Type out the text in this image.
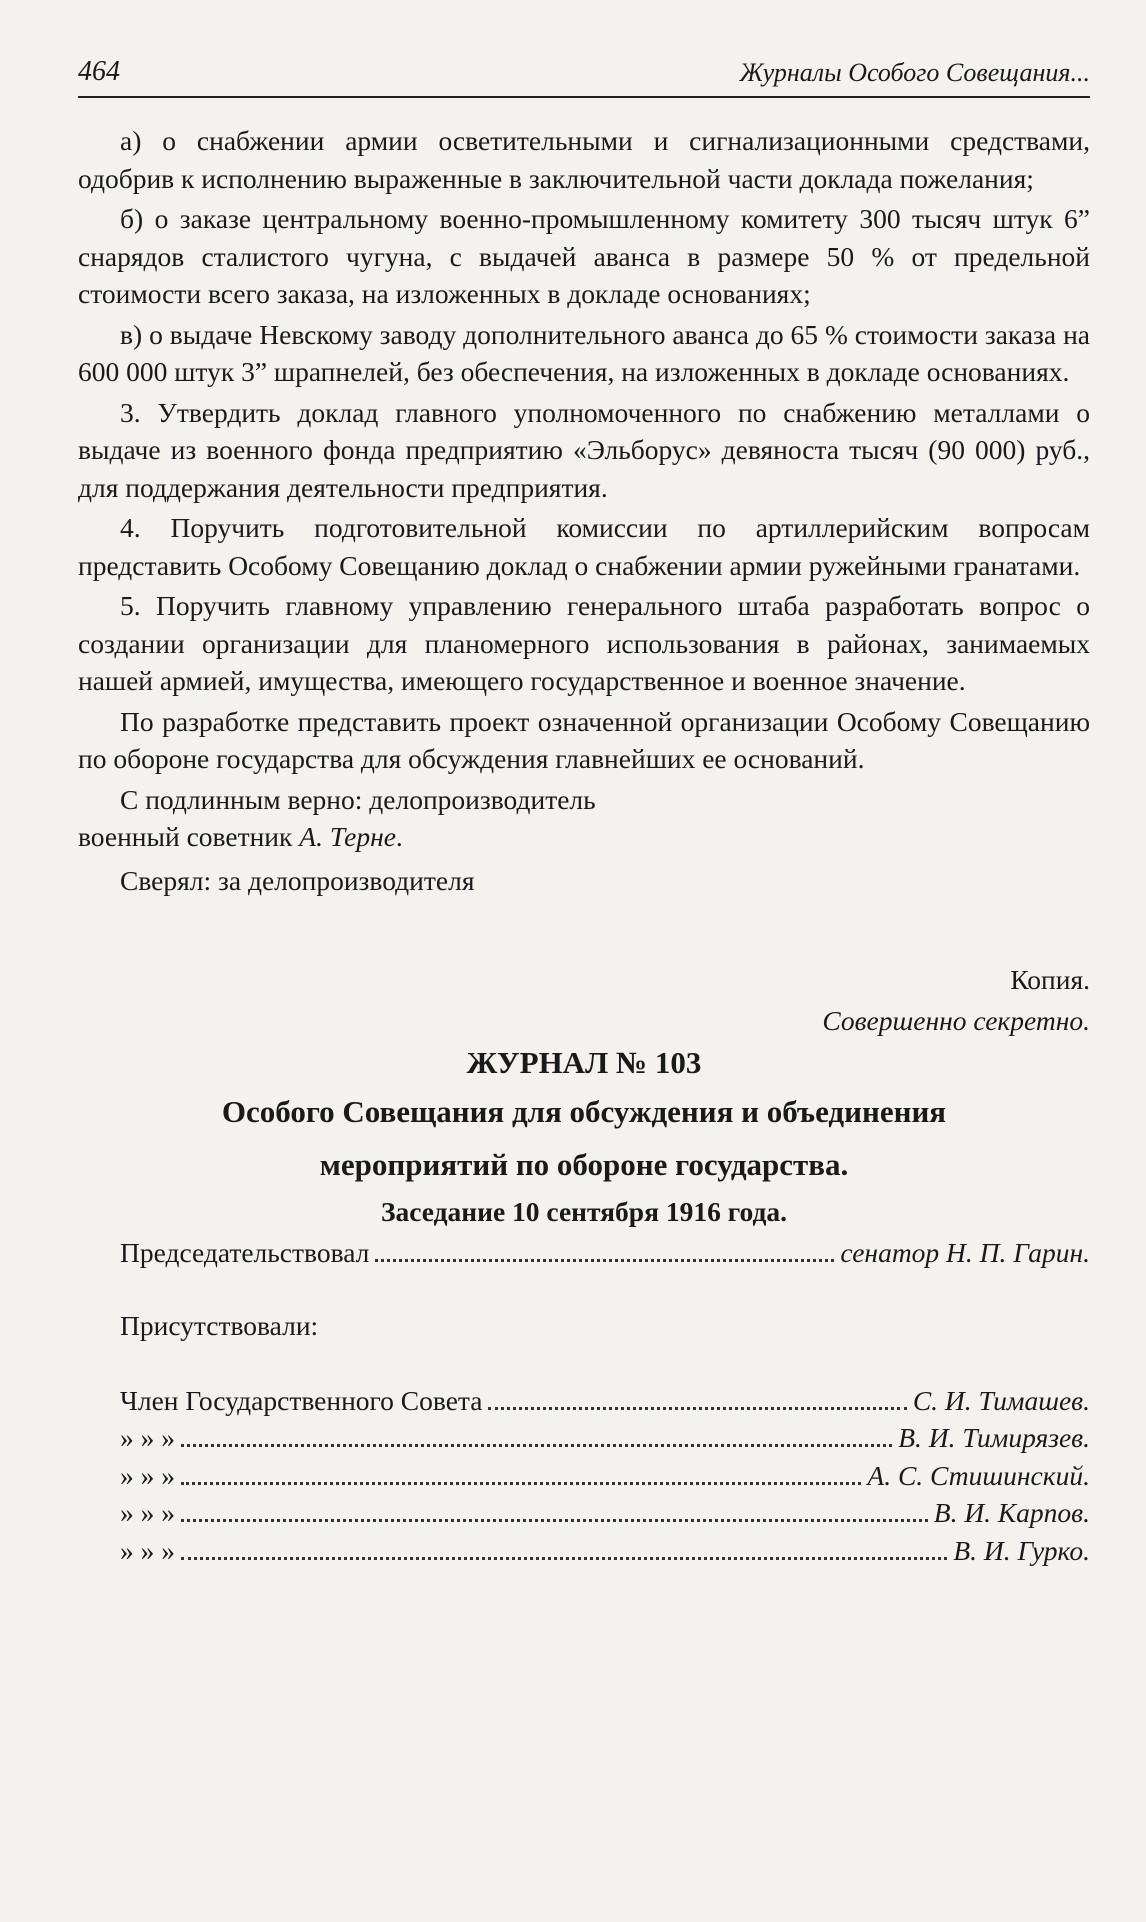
464	Журналы Особого Совещания...

а) о снабжении армии осветительными и сигнализационными средствами, одобрив к исполнению выраженные в заключительной части доклада пожелания;

б) о заказе центральному военно-промышленному комитету 300 тысяч штук 6” снарядов сталистого чугуна, с выдачей аванса в размере 50 % от предельной стоимости всего заказа, на изложенных в докладе основаниях;

в) о выдаче Невскому заводу дополнительного аванса до 65 % стоимости заказа на 600 000 штук 3” шрапнелей, без обеспечения, на изложенных в докладе основаниях.

3. Утвердить доклад главного уполномоченного по снабжению металлами о выдаче из военного фонда предприятию «Эльборус» девяноста тысяч (90 000) руб., для поддержания деятельности предприятия.

4. Поручить подготовительной комиссии по артиллерийским вопросам представить Особому Совещанию доклад о снабжении армии ружейными гранатами.

5. Поручить главному управлению генерального штаба разработать вопрос о создании организации для планомерного использования в районах, занимаемых нашей армией, имущества, имеющего государственное и военное значение.

По разработке представить проект означенной организации Особому Совещанию по обороне государства для обсуждения главнейших ее оснований.

С подлинным верно: делопроизводитель
военный советник А. Терне.
Сверял: за делопроизводителя

Копия.

Совершенно секретно.

ЖУРНАЛ № 103

Особого Совещания для обсуждения и объединения

мероприятий по обороне государства.

Заседание 10 сентября 1916 года.

Председательствовал	сенатор Н. П. Гарин.

Присутствовали:

Член Государственного Совета	С. И. Тимашев.
» » »	В. И. Тимирязев.
» » »	А. С. Стишинский.
» » »	В. И. Карпов.
» » »	В. И. Гурко.
